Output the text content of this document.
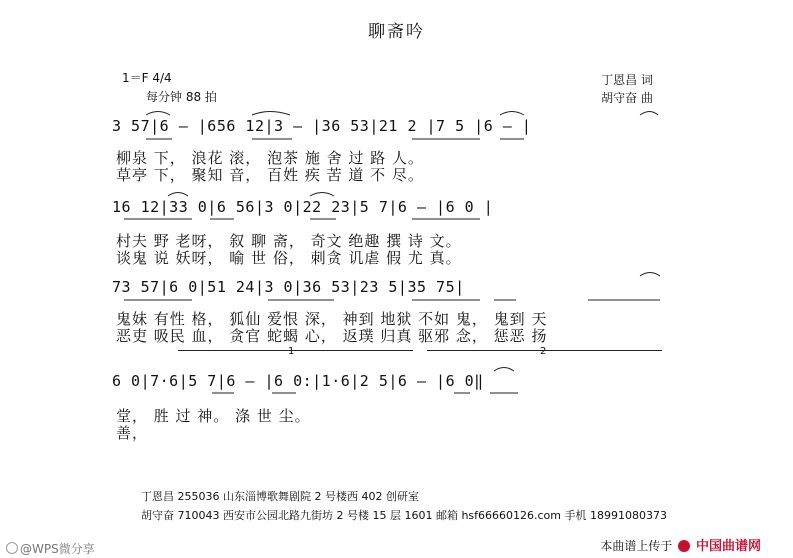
聊斋吟
1＝F 4/4
每分钟 88 拍
丁恩昌 词
胡守奋 曲
3 57|6 — |656 12|3 — |36 53|21 2 |7 5 |6 — |
柳泉 下， 浪花 滚， 泡茶 施 舍 过 路 人。
草亭 下， 聚知 音， 百姓 疾 苦 道 不 尽。
16 12|33 0|6 56|3 0|22 23|5 7|6 — |6 0 |
村夫 野 老呀， 叙 聊 斋， 奇文 绝趣 撰 诗 文。
谈鬼 说 妖呀， 喻 世 俗， 刺贪 讥虐 假 尤 真。
73 57|6 0|51 24|3 0|36 53|23 5|35 75|
鬼妹 有性 格， 狐仙 爱恨 深， 神到 地狱 不如 鬼， 鬼到 天
恶吏 吸民 血， 贪官 蛇蝎 心， 返璞 归真 驱邪 念， 惩恶 扬
1	2
6 0|7·6|5 7|6 — |6 0:|1·6|2 5|6 — |6 0‖
堂， 胜 过 神。 涤 世 尘。
善，
丁恩昌 255036 山东淄博歌舞剧院 2 号楼西 402 创研室
胡守奋 710043 西安市公园北路九街坊 2 号楼 15 层 1601 邮箱 hsf66660126.com 手机 18991080373
本曲谱上传于 中国曲谱网
@WPS微分享
